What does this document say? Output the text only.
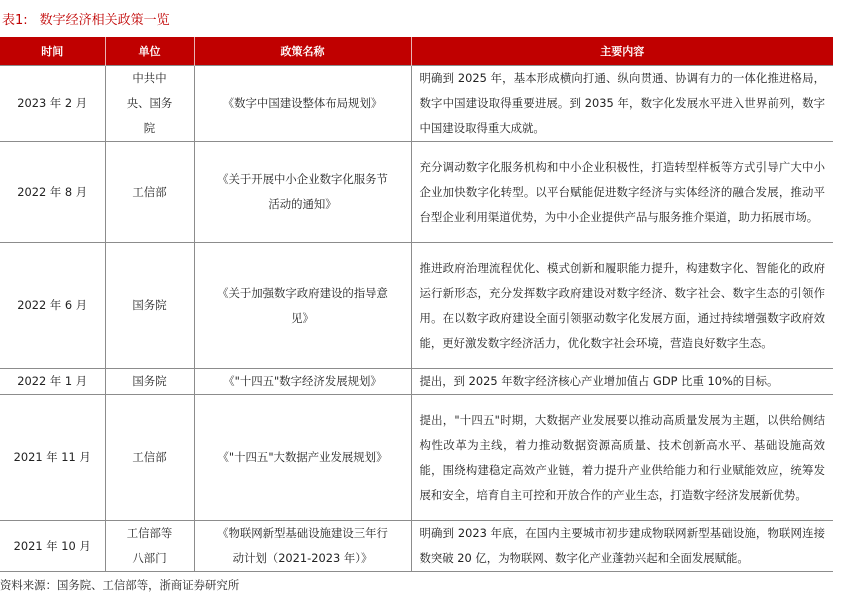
表1: 数字经济相关政策一览
时间	单位	政策名称	主要内容
2023 年 2 月	中共中央、国务院	《数字中国建设整体布局规划》	明确到 2025 年，基本形成横向打通、纵向贯通、协调有力的一体化推进格局，数字中国建设取得重要进展。到 2035 年，数字化发展水平进入世界前列，数字中国建设取得重大成就。
2022 年 8 月	工信部	《关于开展中小企业数字化服务节活动的通知》	充分调动数字化服务机构和中小企业积极性，打造转型样板等方式引导广大中小企业加快数字化转型。以平台赋能促进数字经济与实体经济的融合发展，推动平台型企业利用渠道优势，为中小企业提供产品与服务推介渠道，助力拓展市场。
2022 年 6 月	国务院	《关于加强数字政府建设的指导意见》	推进政府治理流程优化、模式创新和履职能力提升，构建数字化、智能化的政府运行新形态，充分发挥数字政府建设对数字经济、数字社会、数字生态的引领作用。在以数字政府建设全面引领驱动数字化发展方面，通过持续增强数字政府效能，更好激发数字经济活力，优化数字社会环境，营造良好数字生态。
2022 年 1 月	国务院	《"十四五"数字经济发展规划》	提出，到 2025 年数字经济核心产业增加值占 GDP 比重 10%的目标。
2021 年 11 月	工信部	《"十四五"大数据产业发展规划》	提出，"十四五"时期，大数据产业发展要以推动高质量发展为主题，以供给侧结构性改革为主线，着力推动数据资源高质量、技术创新高水平、基础设施高效能，围绕构建稳定高效产业链，着力提升产业供给能力和行业赋能效应，统筹发展和安全，培育自主可控和开放合作的产业生态，打造数字经济发展新优势。
2021 年 10 月	工信部等八部门	《物联网新型基础设施建设三年行动计划（2021-2023 年）》	明确到 2023 年底，在国内主要城市初步建成物联网新型基础设施，物联网连接数突破 20 亿，为物联网、数字化产业蓬勃兴起和全面发展赋能。
资料来源：国务院、工信部等，浙商证券研究所
